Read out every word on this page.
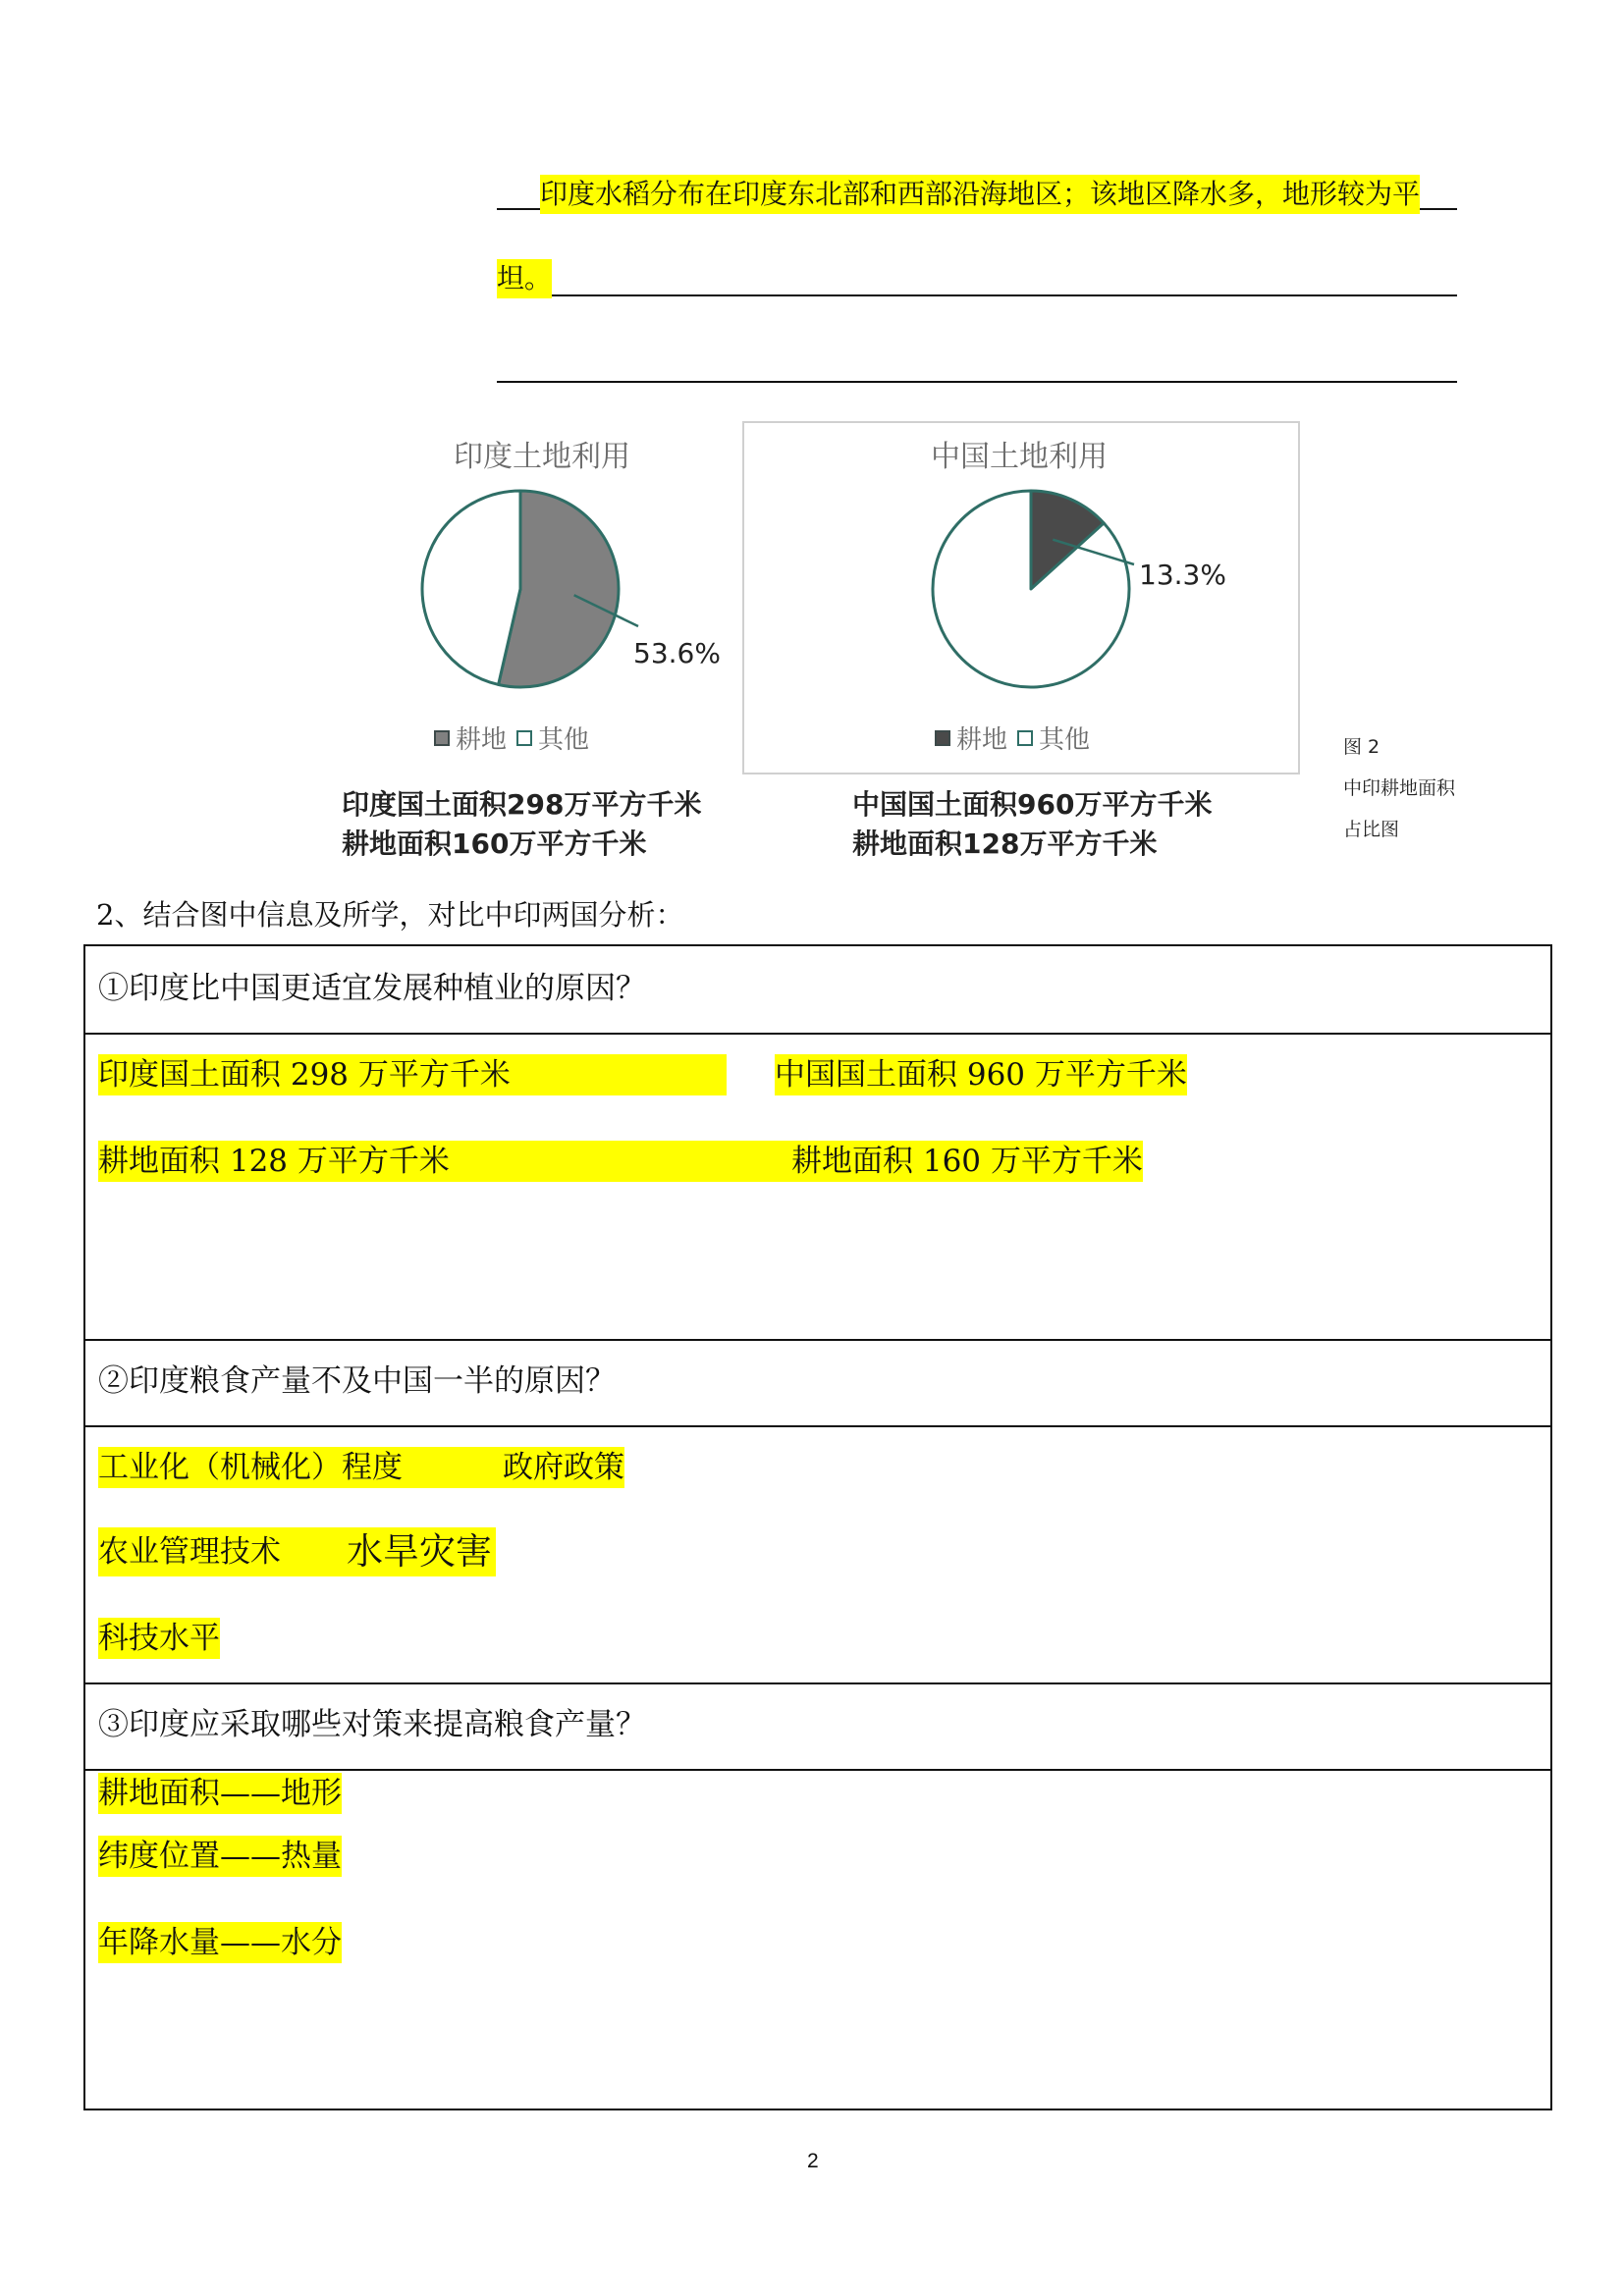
印度水稻分布在印度东北部和西部沿海地区；该地区降水多，地形较为平
坦。
印度土地利用
53.6%
耕地 其他
印度国土面积298万平方千米
耕地面积160万平方千米
中国土地利用
13.3%
耕地 其他
中国国土面积960万平方千米
耕地面积128万平方千米
图 2
中印耕地面积
占比图
2、结合图中信息及所学，对比中印两国分析：
①印度比中国更适宜发展种植业的原因？
印度国土面积 298 万平方千米	中国国土面积 960 万平方千米
耕地面积 128 万平方千米	耕地面积 160 万平方千米
②印度粮食产量不及中国一半的原因？
工业化（机械化）程度	政府政策
农业管理技术	水旱灾害
科技水平
③印度应采取哪些对策来提高粮食产量？
耕地面积——地形
纬度位置——热量
年降水量——水分
2
